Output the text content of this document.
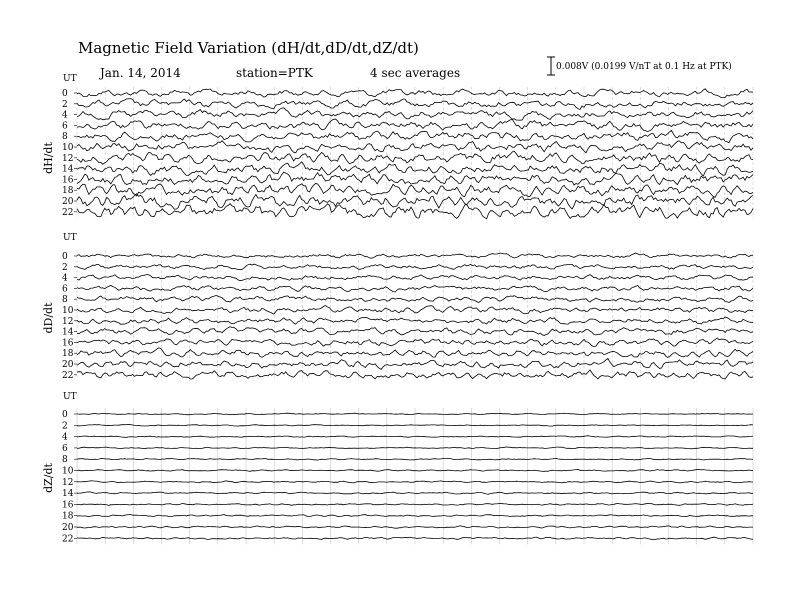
Magnetic Field Variation (dH/dt,dD/dt,dZ/dt)
Jan. 14, 2014	station=PTK	4 sec averages	0.008V (0.0199 V/nT at 0.1 Hz at PTK)
UT
dH/dt
0
2
4
6
8
10
12
14
16
18
20
22
UT
dD/dt
0
2
4
6
8
10
12
14
16
18
20
22
UT
dZ/dt
0
2
4
6
8
10
12
14
16
18
20
22
